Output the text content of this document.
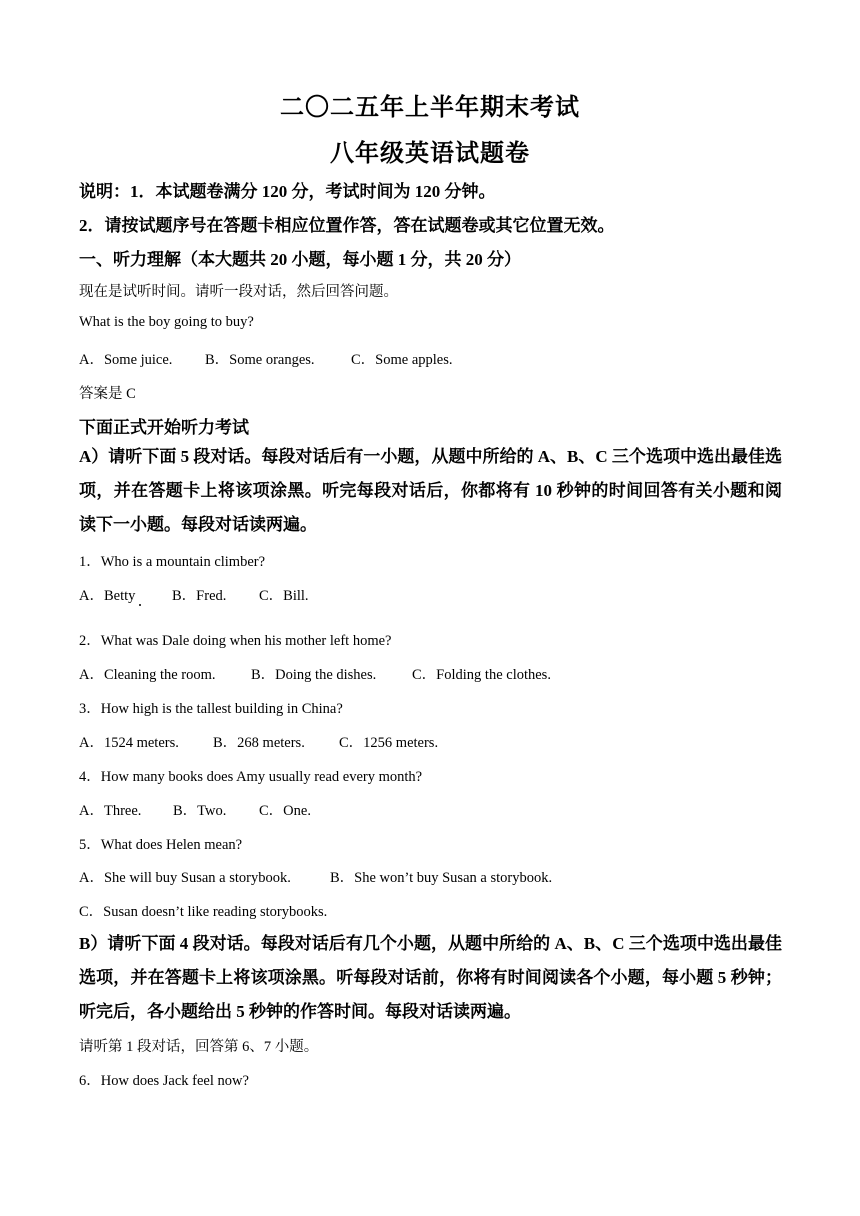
二〇二五年上半年期末考试
八年级英语试题卷
说明：1．本试题卷满分 120 分，考试时间为 120 分钟。
2．请按试题序号在答题卡相应位置作答，答在试题卷或其它位置无效。
一、听力理解（本大题共 20 小题，每小题 1 分，共 20 分）
现在是试听时间。请听一段对话，然后回答问题。
What is the boy going to buy?
A．Some juice. B．Some oranges.	C．Some apples.
答案是 C
下面正式开始听力考试
A）请听下面 5 段对话。每段对话后有一小题，从题中所给的 A、B、C 三个选项中选出最佳选项，并在答题卡上将该项涂黑。听完每段对话后，你都将有 10 秒钟的时间回答有关小题和阅读下一小题。每段对话读两遍。
1．Who is a mountain climber?
A．Betty	B．Fred. C．Bill.
2．What was Dale doing when his mother left home?
A．Cleaning the room. B．Doing the dishes. C．Folding the clothes.
3．How high is the tallest building in China?
A．1524 meters. B．268 meters. C．1256 meters.
4．How many books does Amy usually read every month?
A．Three. B．Two. C．One.
5．What does Helen mean?
A．She will buy Susan a storybook.	B．She won’t buy Susan a storybook.
C．Susan doesn’t like reading storybooks.
B）请听下面 4 段对话。每段对话后有几个小题，从题中所给的 A、B、C 三个选项中选出最佳选项，并在答题卡上将该项涂黑。听每段对话前，你将有时间阅读各个小题，每小题 5 秒钟；听完后，各小题给出 5 秒钟的作答时间。每段对话读两遍。
请听第 1 段对话，回答第 6、7 小题。
6．How does Jack feel now?
